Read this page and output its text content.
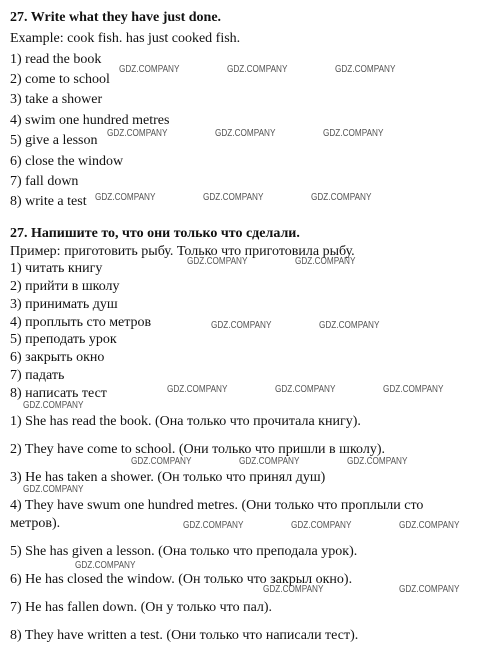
27. Write what they have just done.
Example: cook fish. has just cooked fish.
1) read the book
2) come to school
3) take a shower
4) swim one hundred metres
5) give a lesson
6) close the window
7) fall down
8) write a test
27. Напишите то, что они только что сделали.
Пример: приготовить рыбу. Только что приготовила рыбу.
1) читать книгу
2) прийти в школу
3) принимать душ
4) проплыть сто метров
5) преподать урок
6) закрыть окно
7) падать
8) написать тест
1) She has read the book. (Она только что прочитала книгу).
2) They have come to school. (Они только что пришли в школу).
3) He has taken a shower. (Он только что принял душ)
4) They have swum one hundred metres. (Они только что проплыли сто
метров).
5) She has given a lesson. (Она только что преподала урок).
6) He has closed the window. (Он только что закрыл окно).
7) He has fallen down. (Он у только что пал).
8) They have written a test. (Они только что написали тест).
GDZ.COMPANY	GDZ.COMPANY	GDZ.COMPANY
GDZ.COMPANY	GDZ.COMPANY	GDZ.COMPANY
GDZ.COMPANY	GDZ.COMPANY	GDZ.COMPANY
GDZ.COMPANY	GDZ.COMPANY
GDZ.COMPANY	GDZ.COMPANY
GDZ.COMPANY	GDZ.COMPANY	GDZ.COMPANY
GDZ.COMPANY
GDZ.COMPANY	GDZ.COMPANY	GDZ.COMPANY
GDZ.COMPANY
GDZ.COMPANY	GDZ.COMPANY	GDZ.COMPANY
GDZ.COMPANY
GDZ.COMPANY	GDZ.COMPANY
